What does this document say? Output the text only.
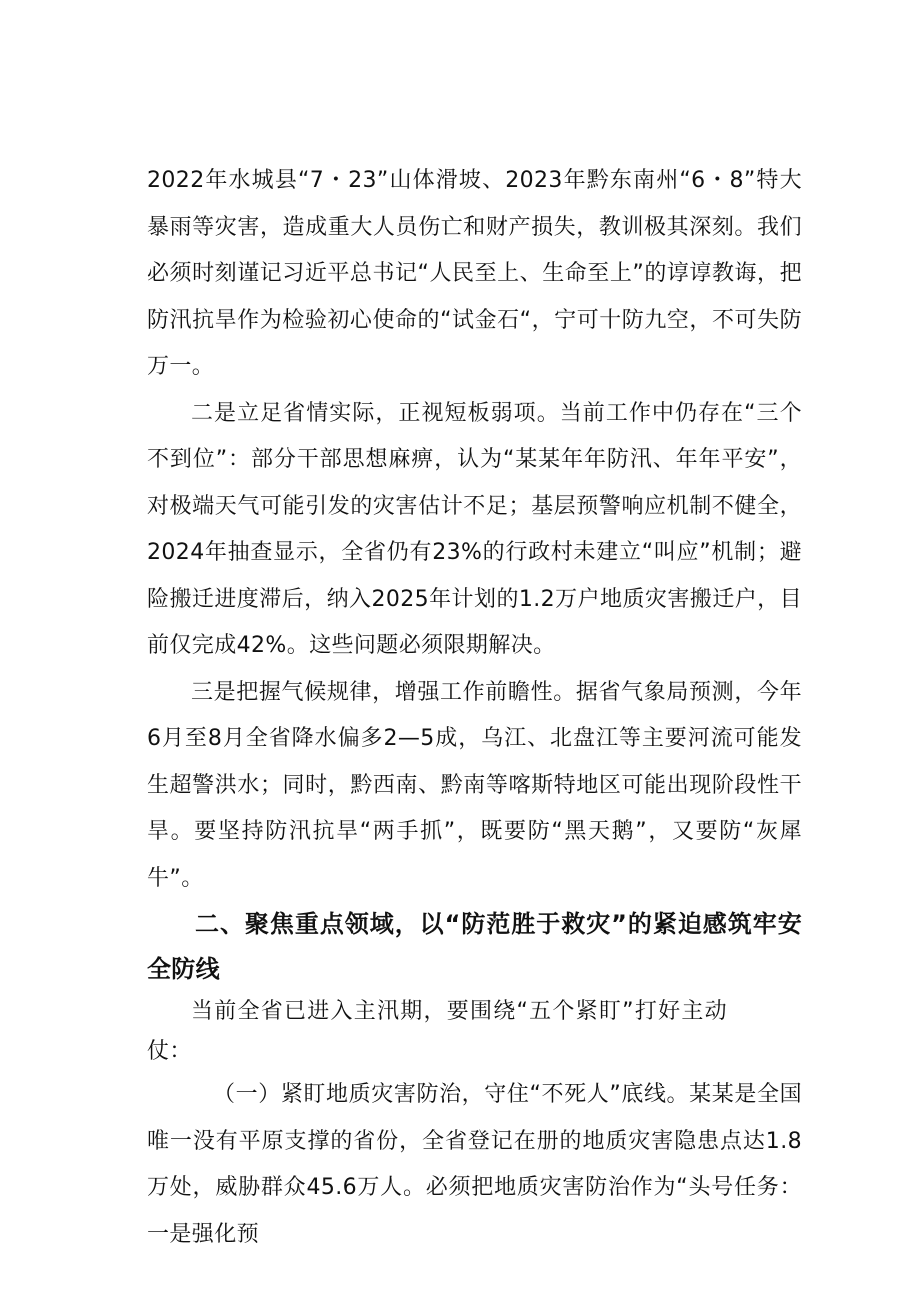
2022年水城县“7・23”山体滑坡、2023年黔东南州“6・8”特大暴雨等灾害，造成重大人员伤亡和财产损失，教训极其深刻。我们必须时刻谨记习近平总书记“人民至上、生命至上”的谆谆教诲，把防汛抗旱作为检验初心使命的“试金石“，宁可十防九空，不可失防万一。

二是立足省情实际，正视短板弱项。当前工作中仍存在“三个不到位”：部分干部思想麻痹，认为“某某年年防汛、年年平安”，对极端天气可能引发的灾害估计不足；基层预警响应机制不健全，2024年抽查显示，全省仍有23%的行政村未建立“叫应”机制；避险搬迁进度滞后，纳入2025年计划的1.2万户地质灾害搬迁户，目前仅完成42%。这些问题必须限期解决。

三是把握气候规律，增强工作前瞻性。据省气象局预测，今年6月至8月全省降水偏多2—5成，乌江、北盘江等主要河流可能发生超警洪水；同时，黔西南、黔南等喀斯特地区可能出现阶段性干旱。要坚持防汛抗旱“两手抓”，既要防“黑天鹅”，又要防“灰犀牛”。

二、聚焦重点领域，以“防范胜于救灾”的紧迫感筑牢安全防线

当前全省已进入主汛期，要围绕“五个紧盯”打好主动仗：

（一）紧盯地质灾害防治，守住“不死人”底线。某某是全国唯一没有平原支撑的省份，全省登记在册的地质灾害隐患点达1.8万处，威胁群众45.6万人。必须把地质灾害防治作为“头号任务：一是强化预
